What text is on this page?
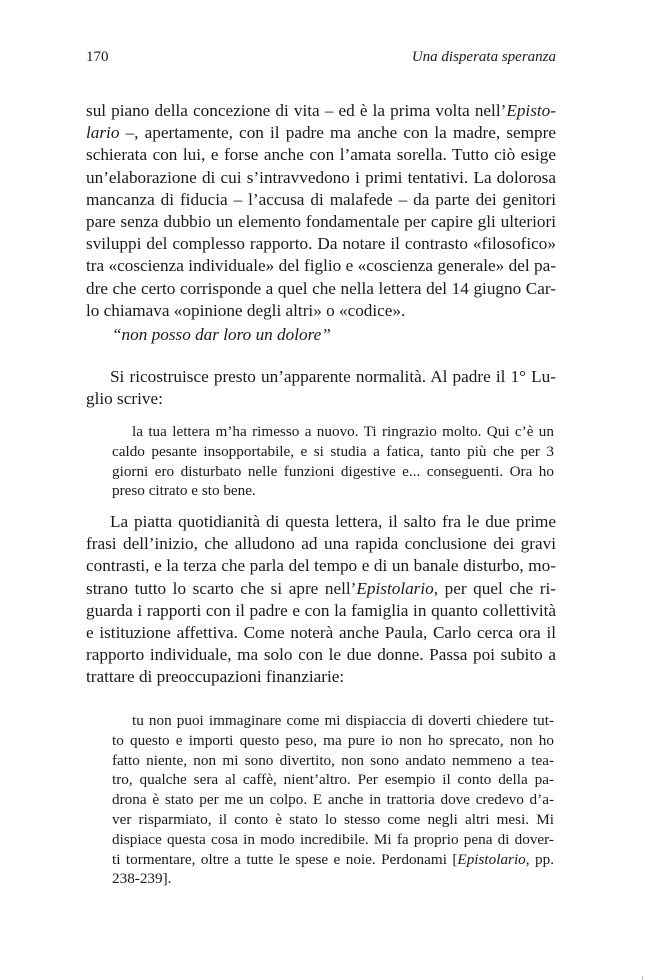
170	Una disperata speranza

sul piano della concezione di vita – ed è la prima volta nell’Episto-
lario –, apertamente, con il padre ma anche con la madre, sempre
schierata con lui, e forse anche con l’amata sorella. Tutto ciò esige
un’elaborazione di cui s’intravvedono i primi tentativi. La dolorosa
mancanza di fiducia – l’accusa di malafede – da parte dei genitori
pare senza dubbio un elemento fondamentale per capire gli ulteriori
sviluppi del complesso rapporto. Da notare il contrasto «filosofico»
tra «coscienza individuale» del figlio e «coscienza generale» del pa-
dre che certo corrisponde a quel che nella lettera del 14 giugno Car-
lo chiamava «opinione degli altri» o «codice».

“non posso dar loro un dolore”

Si ricostruisce presto un’apparente normalità. Al padre il 1° Lu-
glio scrive:

la tua lettera m’ha rimesso a nuovo. Ti ringrazio molto. Qui c’è un
caldo pesante insopportabile, e si studia a fatica, tanto più che per 3
giorni ero disturbato nelle funzioni digestive e... conseguenti. Ora ho
preso citrato e sto bene.

La piatta quotidianità di questa lettera, il salto fra le due prime
frasi dell’inizio, che alludono ad una rapida conclusione dei gravi
contrasti, e la terza che parla del tempo e di un banale disturbo, mo-
strano tutto lo scarto che si apre nell’Epistolario, per quel che ri-
guarda i rapporti con il padre e con la famiglia in quanto collettività
e istituzione affettiva. Come noterà anche Paula, Carlo cerca ora il
rapporto individuale, ma solo con le due donne. Passa poi subito a
trattare di preoccupazioni finanziarie:

tu non puoi immaginare come mi dispiaccia di doverti chiedere tut-
to questo e importi questo peso, ma pure io non ho sprecato, non ho
fatto niente, non mi sono divertito, non sono andato nemmeno a tea-
tro, qualche sera al caffè, nient’altro. Per esempio il conto della pa-
drona è stato per me un colpo. E anche in trattoria dove credevo d’a-
ver risparmiato, il conto è stato lo stesso come negli altri mesi. Mi
dispiace questa cosa in modo incredibile. Mi fa proprio pena di dover-
ti tormentare, oltre a tutte le spese e noie. Perdonami [Epistolario, pp.
238-239].
